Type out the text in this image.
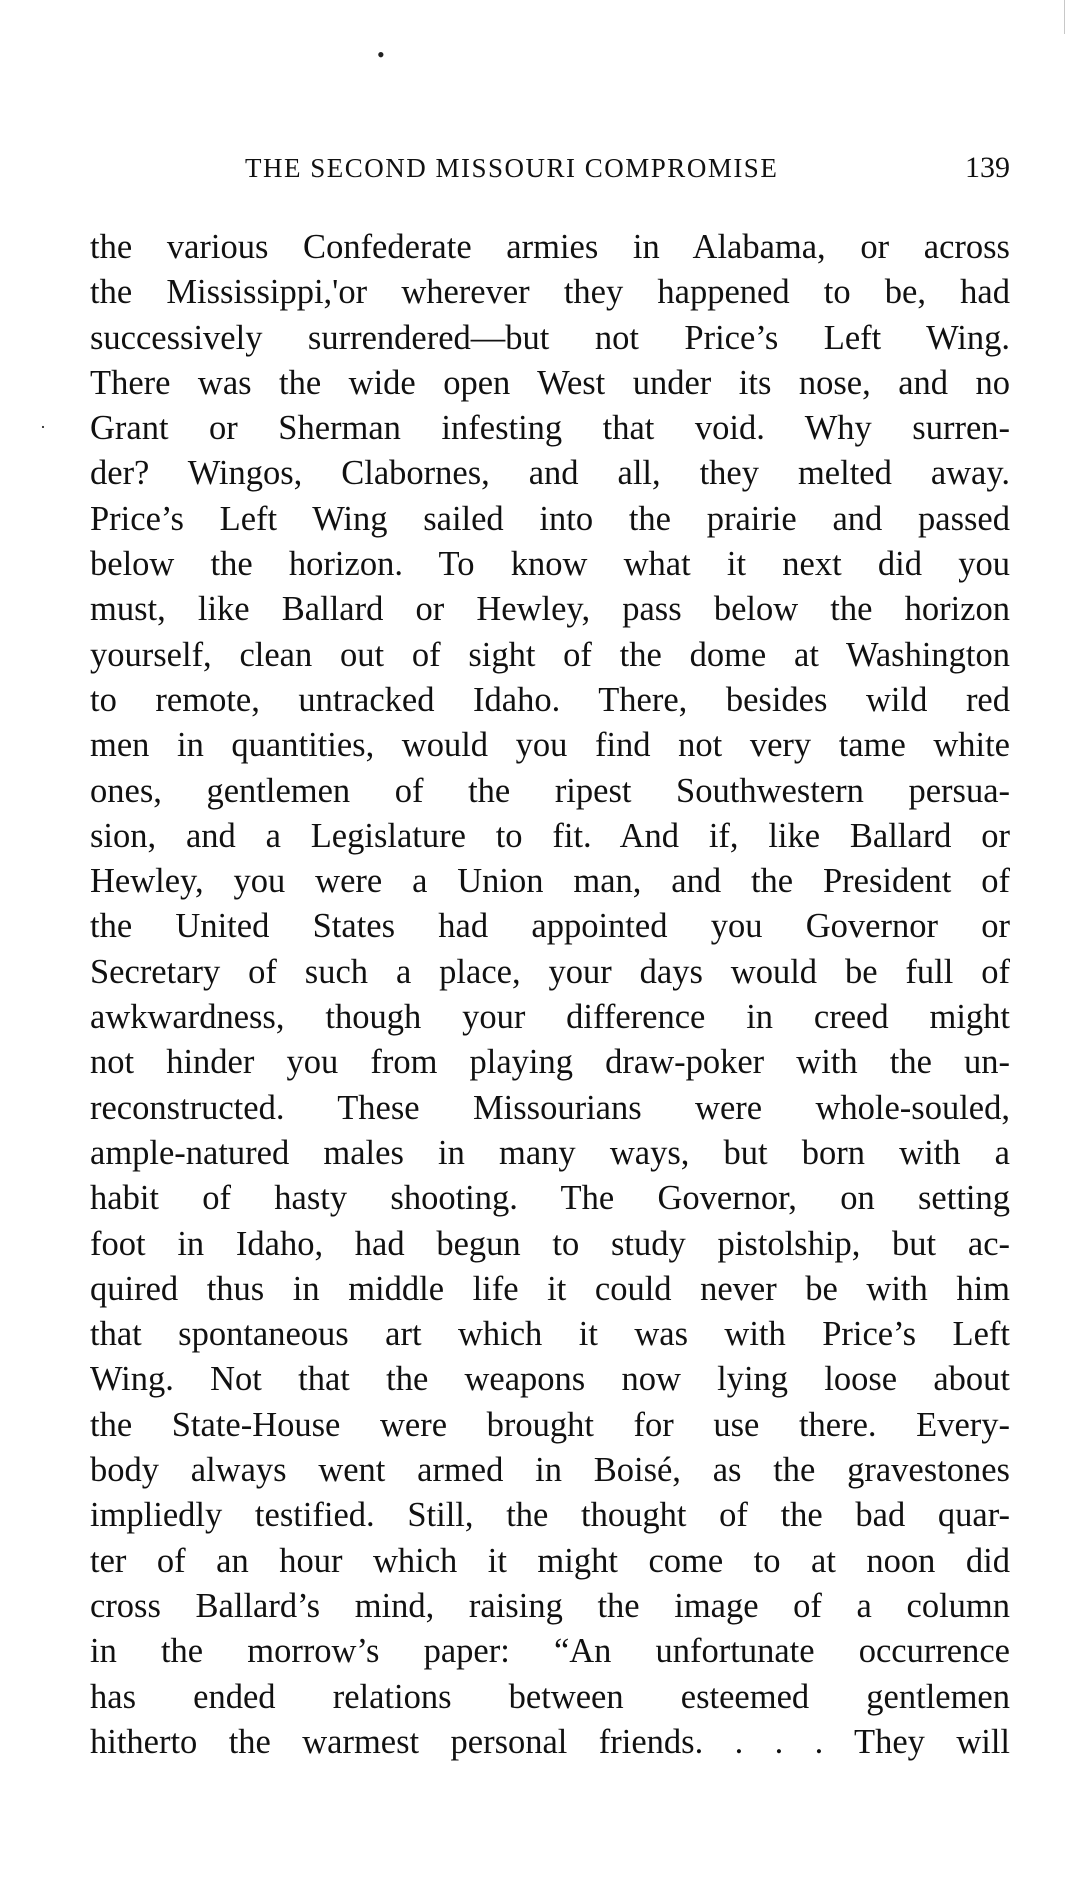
•
·
THE SECOND MISSOURI COMPROMISE	139
the various Confederate armies in Alabama, or across
the Mississippi,'or wherever they happened to be, had
successively surrendered—but not Price’s Left Wing.
There was the wide open West under its nose, and no
Grant or Sherman infesting that void. Why surren-
der? Wingos, Clabornes, and all, they melted away.
Price’s Left Wing sailed into the prairie and passed
below the horizon. To know what it next did you
must, like Ballard or Hewley, pass below the horizon
yourself, clean out of sight of the dome at Washington
to remote, untracked Idaho. There, besides wild red
men in quantities, would you find not very tame white
ones, gentlemen of the ripest Southwestern persua-
sion, and a Legislature to fit. And if, like Ballard or
Hewley, you were a Union man, and the President of
the United States had appointed you Governor or
Secretary of such a place, your days would be full of
awkwardness, though your difference in creed might
not hinder you from playing draw-poker with the un-
reconstructed. These Missourians were whole-souled,
ample-natured males in many ways, but born with a
habit of hasty shooting. The Governor, on setting
foot in Idaho, had begun to study pistolship, but ac-
quired thus in middle life it could never be with him
that spontaneous art which it was with Price’s Left
Wing. Not that the weapons now lying loose about
the State-House were brought for use there. Every-
body always went armed in Boisé, as the gravestones
impliedly testified. Still, the thought of the bad quar-
ter of an hour which it might come to at noon did
cross Ballard’s mind, raising the image of a column
in the morrow’s paper: “An unfortunate occurrence
has ended relations between esteemed gentlemen
hitherto the warmest personal friends. . . . They will
